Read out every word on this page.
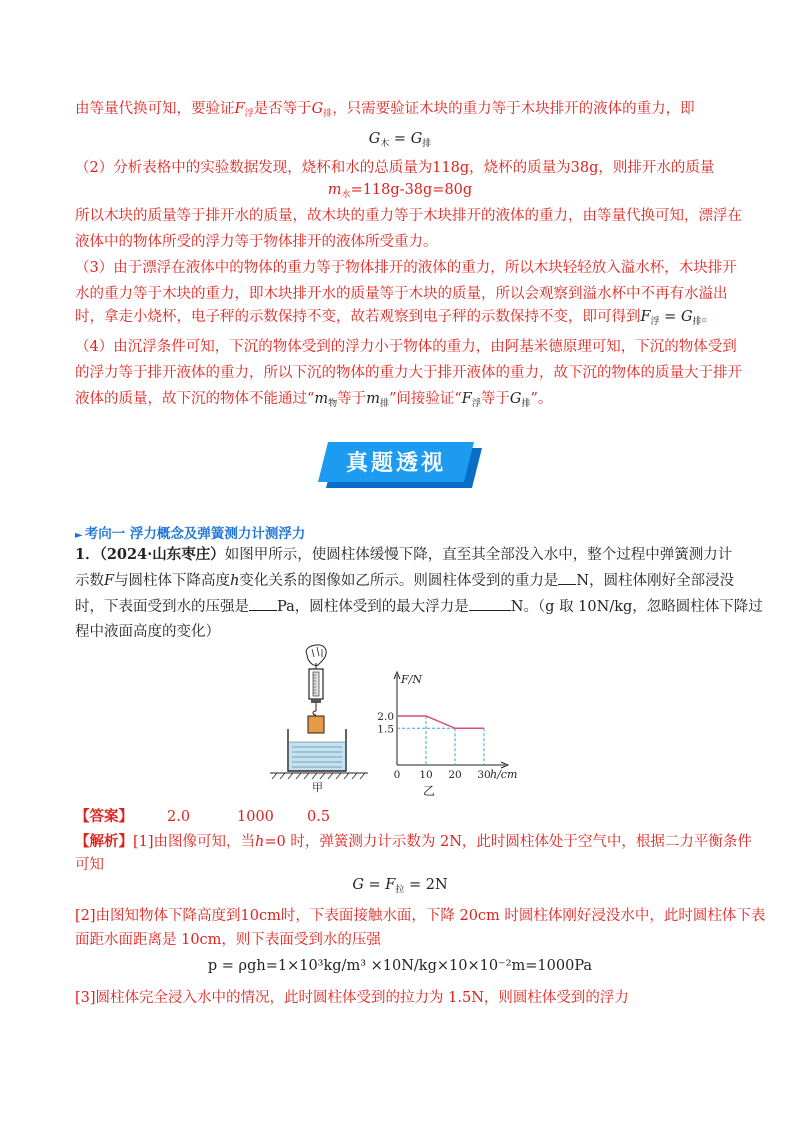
由等量代换可知，要验证$F_浮$是否等于$G_排$，只需要验证木块的重力等于木块排开的液体的重力，即
$G_木 = G_排$
（2）分析表格中的实验数据发现，烧杯和水的总质量为118g，烧杯的质量为38g，则排开水的质量
$m_水=118g-38g=80g$
所以木块的质量等于排开水的质量，故木块的重力等于木块排开的液体的重力，由等量代换可知，漂浮在
液体中的物体所受的浮力等于物体排开的液体所受重力。
（3）由于漂浮在液体中的物体的重力等于物体排开的液体的重力，所以木块轻轻放入溢水杯，木块排开
水的重力等于木块的重力，即木块排开水的质量等于木块的质量，所以会观察到溢水杯中不再有水溢出
时，拿走小烧杯，电子秤的示数保持不变，故若观察到电子秤的示数保持不变，即可得到$F_浮 = G_排$。
（4）由沉浮条件可知，下沉的物体受到的浮力小于物体的重力，由阿基米德原理可知，下沉的物体受到
的浮力等于排开液体的重力，所以下沉的物体的重力大于排开液体的重力，故下沉的物体的质量大于排开
液体的质量，故下沉的物体不能通过“$m_物$等于$m_排$”间接验证“$F_浮$等于$G_排$”。
真题透视
► 考向一 浮力概念及弹簧测力计测浮力
1．（2024·山东枣庄）如图甲所示，使圆柱体缓慢下降，直至其全部没入水中，整个过程中弹簧测力计
示数F与圆柱体下降高度h变化关系的图像如乙所示。则圆柱体受到的重力是 N，圆柱体刚好全部浸没
时，下表面受到水的压强是 Pa，圆柱体受到的最大浮力是	N。（g 取 10N/kg，忽略圆柱体下降过
程中液面高度的变化）
甲
F/N
h/cm
1.5
2.0
0 10 20 30
乙
【答案】 2.0	1000 0.5
【解析】[1]由图像可知，当h=0 时，弹簧测力计示数为 2N，此时圆柱体处于空气中，根据二力平衡条件
可知
$G = F_拉 = 2N$
[2]由图知物体下降高度到10cm时，下表面接触水面，下降 20cm 时圆柱体刚好浸没水中，此时圆柱体下表
面距水面距离是 10cm，则下表面受到水的压强
p = ρgh=1×10³kg/m³ ×10N/kg×10×10⁻²m=1000Pa
[3]圆柱体完全浸入水中的情况，此时圆柱体受到的拉力为 1.5N，则圆柱体受到的浮力
